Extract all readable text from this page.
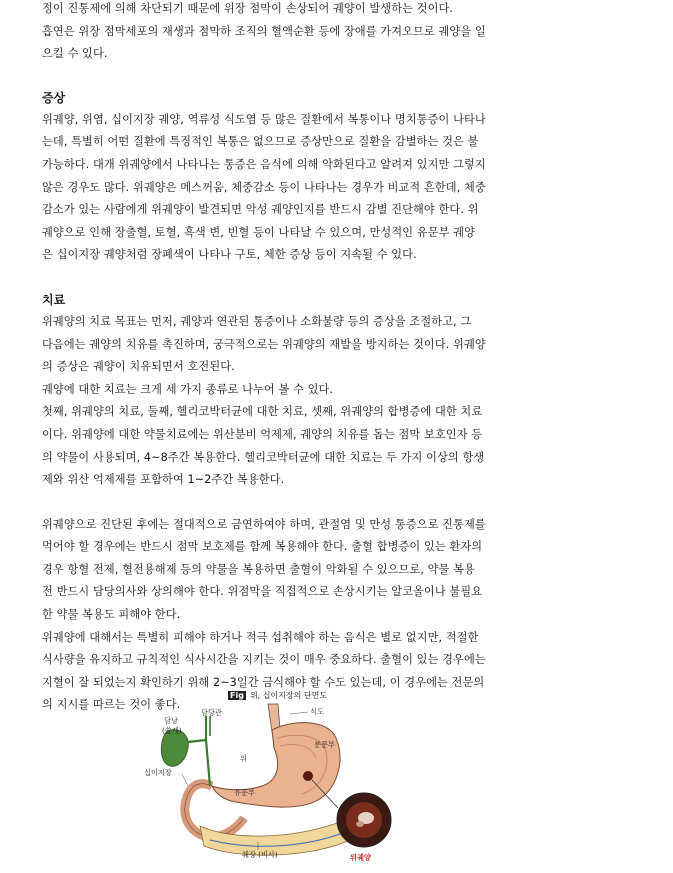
정이 진통제에 의해 차단되기 때문에 위장 점막이 손상되어 궤양이 발생하는 것이다.
흡연은 위장 점막세포의 재생과 점막하 조직의 혈액순환 등에 장애를 가져오므로 궤양을 일
으킬 수 있다.
증상
위궤양, 위염, 십이지장 궤양, 역류성 식도염 등 많은 질환에서 복통이나 명치통증이 나타나
는데, 특별히 어떤 질환에 특징적인 복통은 없으므로 증상만으로 질환을 감별하는 것은 불
가능하다. 대개 위궤양에서 나타나는 통증은 음식에 의해 악화된다고 알려져 있지만 그렇지
않은 경우도 많다. 위궤양은 메스꺼움, 체중감소 등이 나타나는 경우가 비교적 흔한데, 체중
감소가 있는 사람에게 위궤양이 발견되면 악성 궤양인지를 반드시 감별 진단해야 한다. 위
궤양으로 인해 장출혈, 토혈, 흑색 변, 빈혈 등이 나타날 수 있으며, 만성적인 유문부 궤양
은 십이지장 궤양처럼 장폐색이 나타나 구토, 체한 증상 등이 지속될 수 있다.
치료
위궤양의 치료 목표는 먼저, 궤양과 연관된 통증이나 소화불량 등의 증상을 조절하고, 그
다음에는 궤양의 치유를 촉진하며, 궁극적으로는 위궤양의 재발을 방지하는 것이다. 위궤양
의 증상은 궤양이 치유되면서 호전된다.
궤양에 대한 치료는 크게 세 가지 종류로 나누어 볼 수 있다.
첫째, 위궤양의 치료, 둘째, 헬리코박터균에 대한 치료, 셋째, 위궤양의 합병증에 대한 치료
이다. 위궤양에 대한 약물치료에는 위산분비 억제제, 궤양의 치유를 돕는 점막 보호인자 등
의 약물이 사용되며, 4~8주간 복용한다. 헬리코박터균에 대한 치료는 두 가지 이상의 항생
제와 위산 억제제를 포함하여 1~2주간 복용한다.
위궤양으로 진단된 후에는 절대적으로 금연하여야 하며, 관절염 및 만성 통증으로 진통제를
먹어야 할 경우에는 반드시 점막 보호제를 함께 복용해야 한다. 출혈 합병증이 있는 환자의
경우 항혈 전제, 혈전용해제 등의 약물을 복용하면 출혈이 악화될 수 있으므로, 약물 복용
전 반드시 담당의사와 상의해야 한다. 위점막을 직접적으로 손상시키는 알코올이나 불필요
한 약물 복용도 피해야 한다.
위궤양에 대해서는 특별히 피해야 하거나 적극 섭취해야 하는 음식은 별로 없지만, 적절한
식사량을 유지하고 규칙적인 식사시간을 지키는 것이 매우 중요하다. 출혈이 있는 경우에는
지혈이 잘 되었는지 확인하기 위해 2~3일간 금식해야 할 수도 있는데, 이 경우에는 전문의
의 지시를 따르는 것이 좋다.
Fig 위, 십이지장의 단면도
식도
담낭
(쓸개)
담당관
십이지장
분문부
위
유문부
췌장 (비사)	위궤양
